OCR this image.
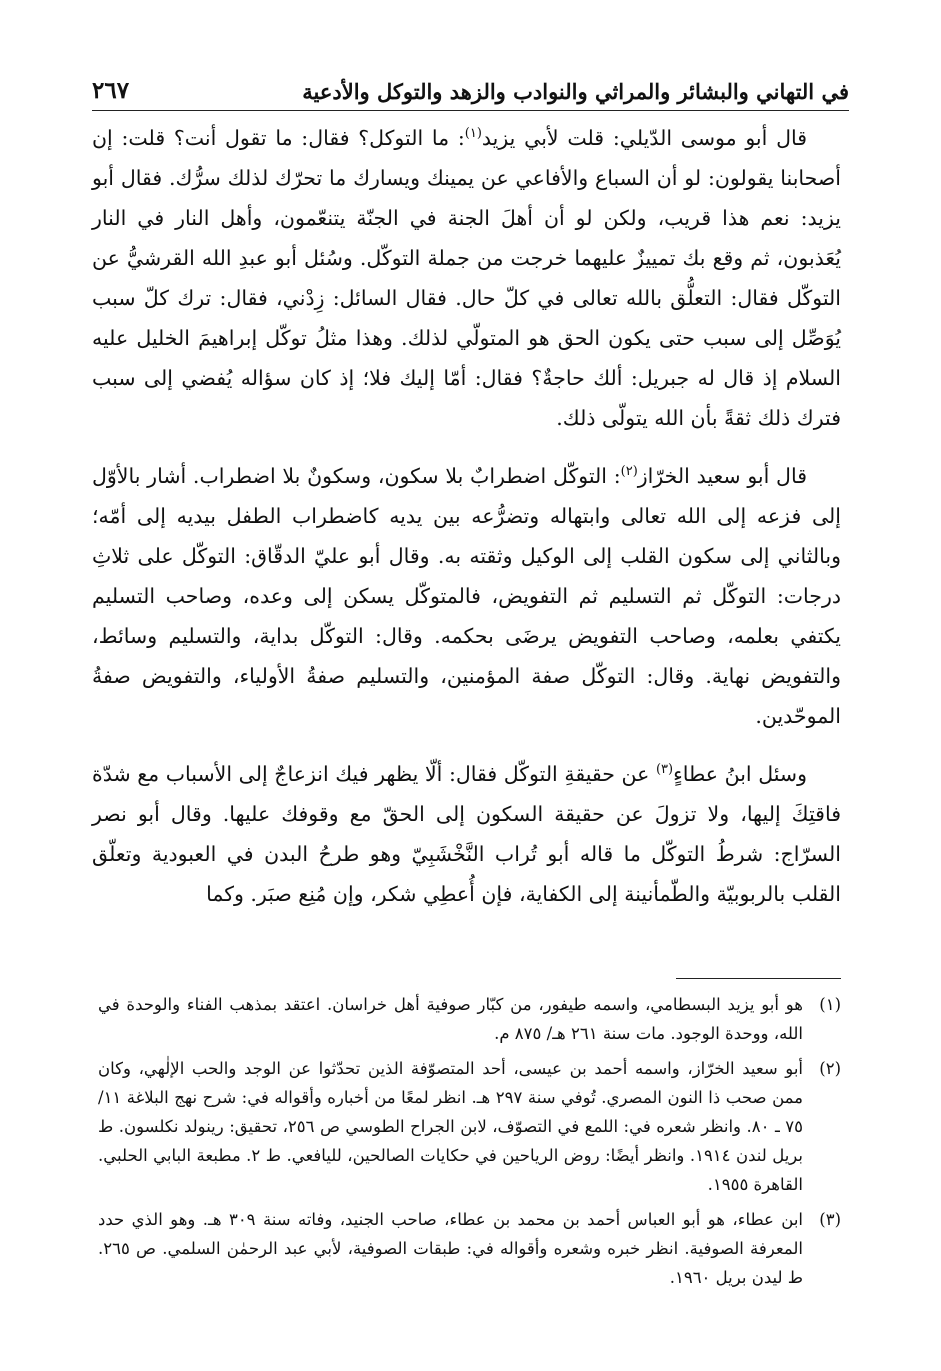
في التهاني والبشائر والمراثي والنوادب والزهد والتوكل والأدعية
٢٦٧

قال أبو موسى الدّيلي: قلت لأبي يزيد$^{(١)}$: ما التوكل؟ فقال: ما تقول أنت؟ قلت: إن أصحابنا يقولون: لو أن السباع والأفاعي عن يمينك ويسارك ما تحرّك لذلك سرُّك. فقال أبو يزيد: نعم هذا قريب، ولكن لو أن أهلَ الجنة في الجنّة يتنعّمون، وأهل النار في النار يُعَذبون، ثم وقع بك تمييزٌ عليهما خرجت من جملة التوكّل. وسُئل أبو عبدِ الله القرشيُّ عن التوكّل فقال: التعلُّق بالله تعالى في كلّ حال. فقال السائل: زِدْني، فقال: ترك كلّ سبب يُوَصِّل إلى سبب حتى يكون الحق هو المتولّي لذلك. وهذا مثلُ توكّل إبراهيمَ الخليل عليه السلام إذ قال له جبريل: ألك حاجةٌ؟ فقال: أمّا إليك فلا؛ إذ كان سؤاله يُفضي إلى سبب فترك ذلك ثقةً بأن الله يتولّى ذلك.

قال أبو سعيد الخرّاز$^{(٢)}$: التوكّل اضطرابٌ بلا سكون، وسكونٌ بلا اضطراب. أشار بالأوّل إلى فزعه إلى الله تعالى وابتهاله وتضرُّعه بين يديه كاضطراب الطفل بيديه إلى أمّه؛ وبالثاني إلى سكون القلب إلى الوكيل وثقته به. وقال أبو عليّ الدقّاق: التوكّل على ثلاثِ درجات: التوكّل ثم التسليم ثم التفويض، فالمتوكّل يسكن إلى وعده، وصاحب التسليم يكتفي بعلمه، وصاحب التفويض يرضَى بحكمه. وقال: التوكّل بداية، والتسليم وسائط، والتفويض نهاية. وقال: التوكّل صفة المؤمنين، والتسليم صفةُ الأولياء، والتفويض صفةُ الموحّدين.

وسئل ابنُ عطاءٍ$^{(٣)}$ عن حقيقةِ التوكّل فقال: ألّا يظهر فيك انزعاجٌ إلى الأسباب مع شدّة فاقتِكَ إليها، ولا تزولَ عن حقيقة السكون إلى الحقّ مع وقوفك عليها. وقال أبو نصر السرّاج: شرطُ التوكّل ما قاله أبو تُراب النَّخْشَبِيّ وهو طرحُ البدن في العبودية وتعلّق القلب بالربوبيّة والطّمأنينة إلى الكفاية، فإن أُعطِي شكر، وإن مُنِع صبَر. وكما

(١)
هو أبو يزيد البسطامي، واسمه طيفور، من كبّار صوفية أهل خراسان. اعتقد بمذهب الفناء والوحدة في الله، ووحدة الوجود. مات سنة ٢٦١ هـ/ ٨٧٥ م.
(٢)
أبو سعيد الخرّاز، واسمه أحمد بن عيسى، أحد المتصوّفة الذين تحدّثوا عن الوجد والحب الإلٰهي، وكان ممن صحب ذا النون المصري. تُوفي سنة ٢٩٧ هـ. انظر لمعًا من أخباره وأقواله في: شرح نهج البلاغة ١١/ ٧٥ ـ ٨٠. وانظر شعره في: اللمع في التصوّف، لابن الجراح الطوسي ص ٢٥٦، تحقيق: رينولد نكلسون. ط بريل لندن ١٩١٤. وانظر أيضًا: روض الرياحين في حكايات الصالحين، لليافعي. ط ٢. مطبعة البابي الحلبي. القاهرة ١٩٥٥.
(٣)
ابن عطاء، هو أبو العباس أحمد بن محمد بن عطاء، صاحب الجنيد، وفاته سنة ٣٠٩ هـ. وهو الذي حدد المعرفة الصوفية. انظر خبره وشعره وأقواله في: طبقات الصوفية، لأبي عبد الرحمٰن السلمي. ص ٢٦٥. ط ليدن بريل ١٩٦٠.
